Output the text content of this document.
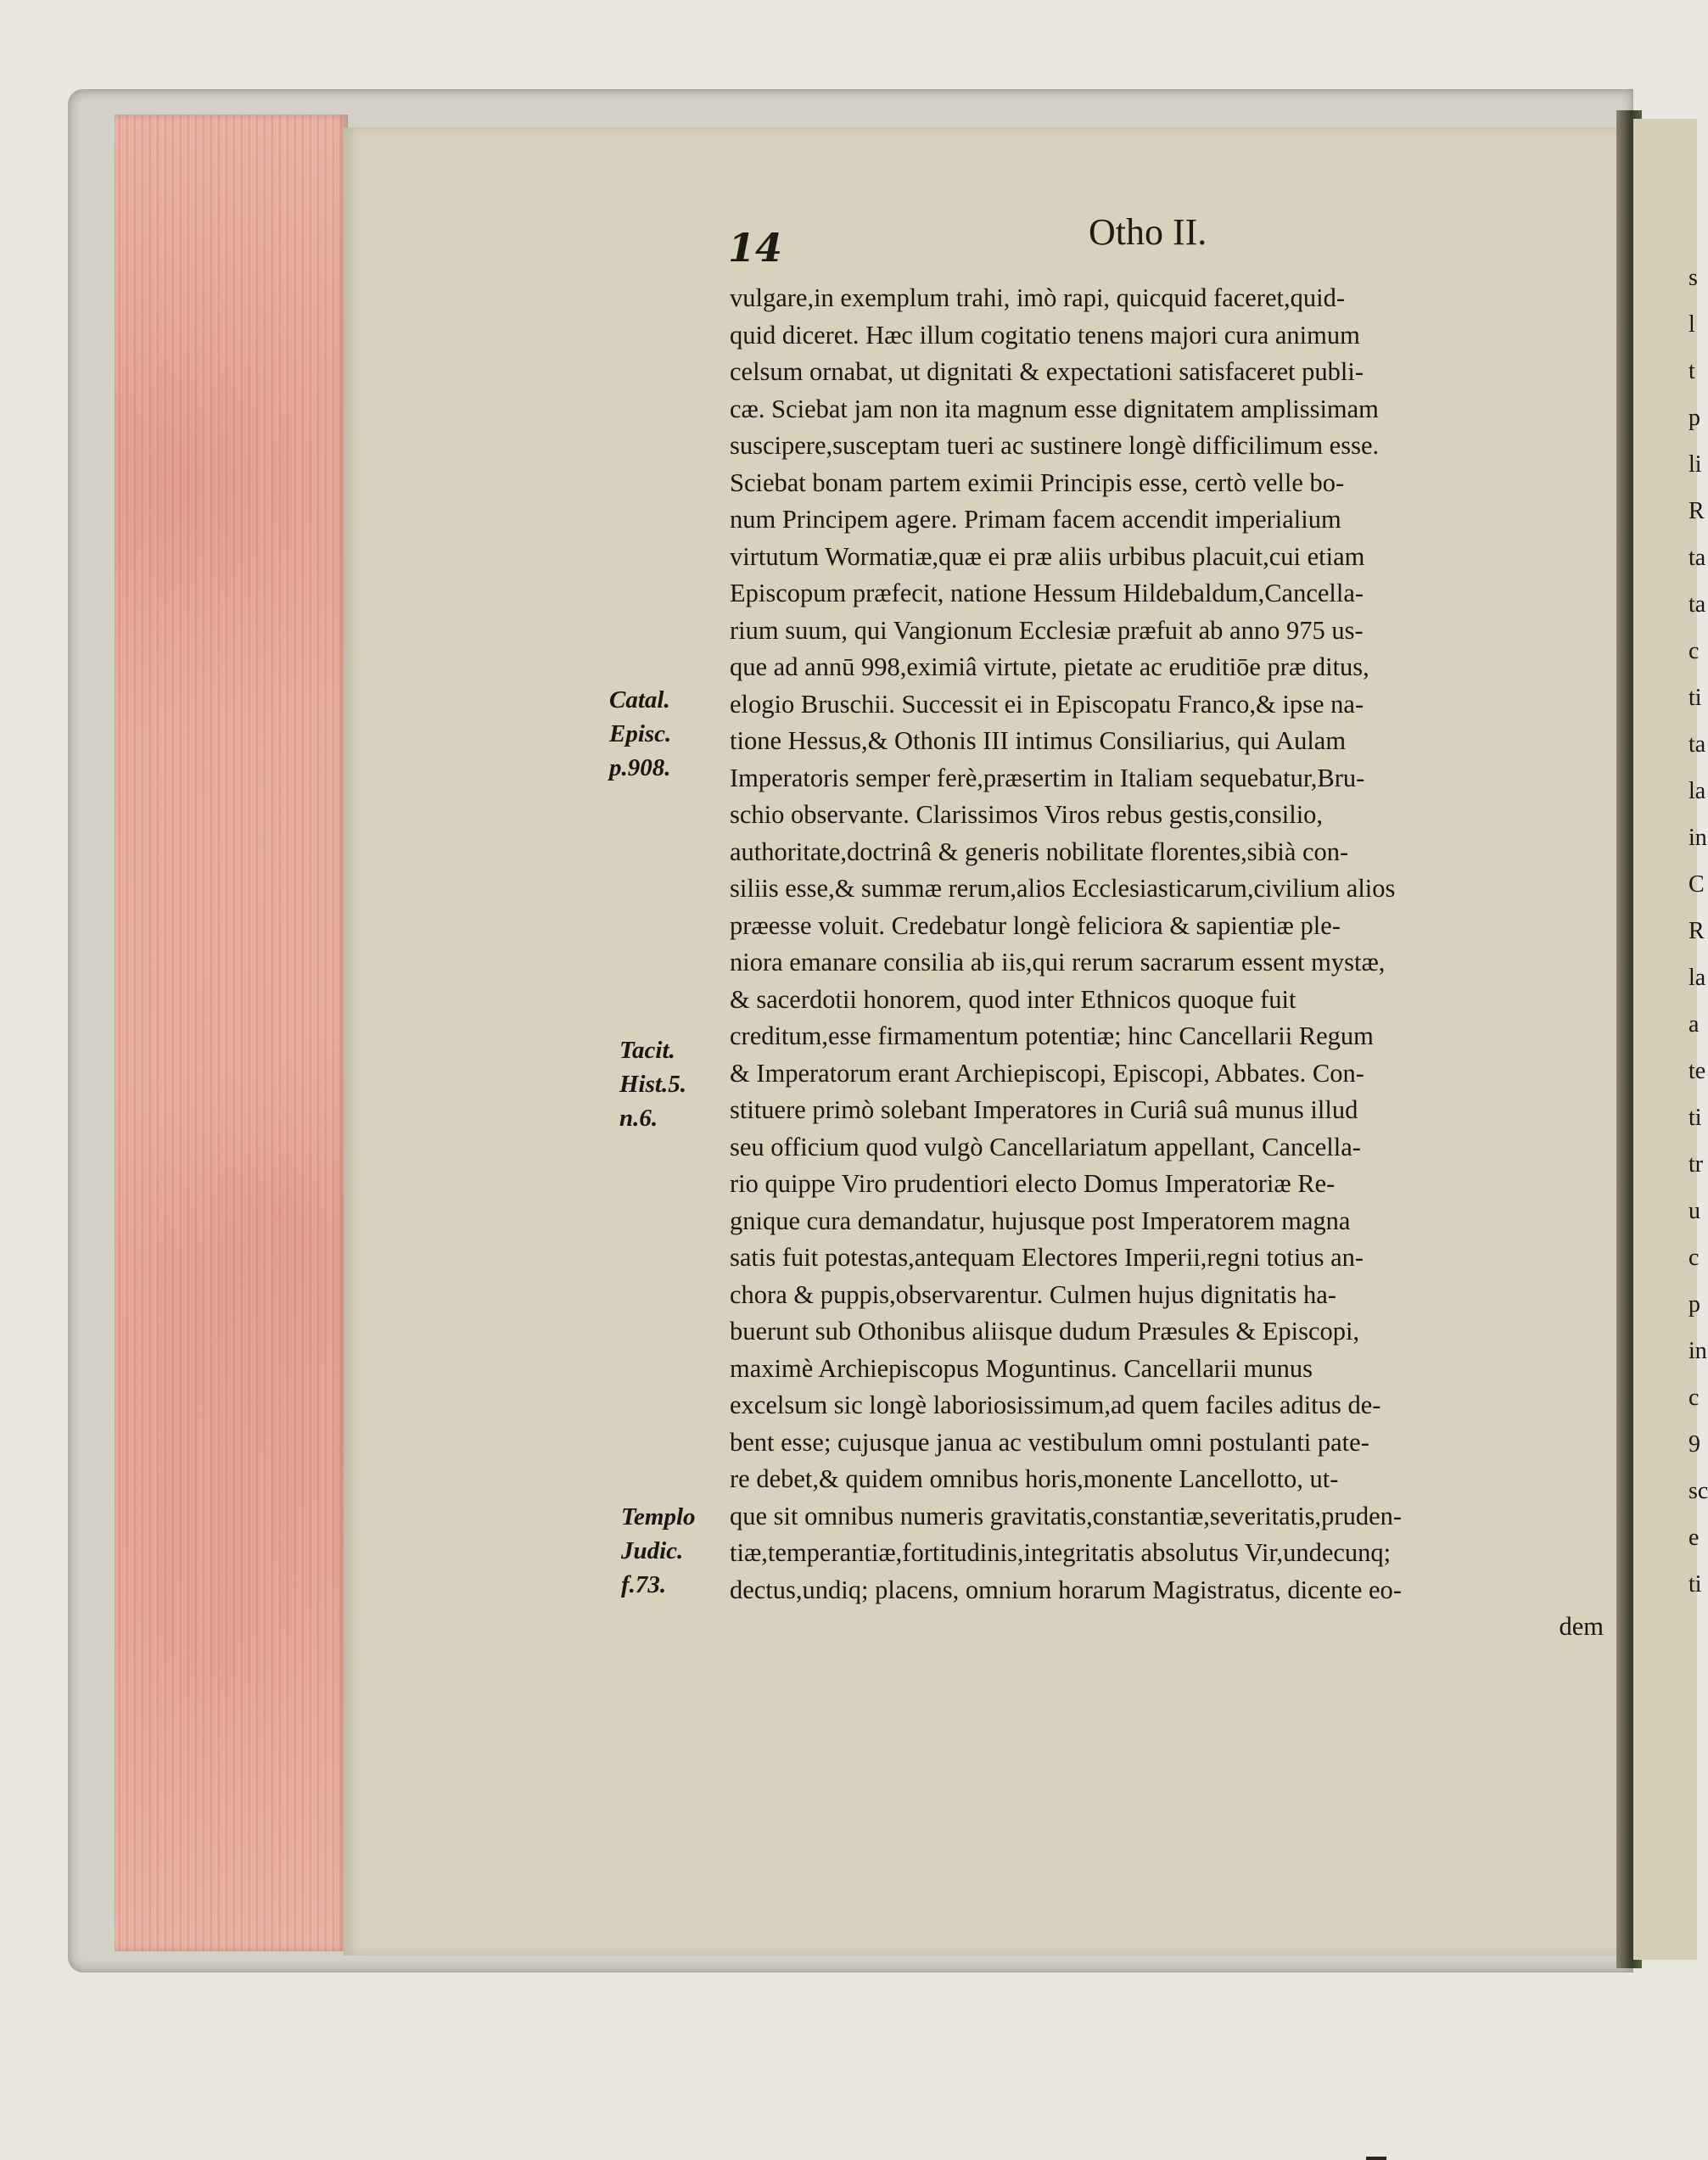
14	Otho II.
Catal.
Episc.
p.908.
Tacit.
Hist.5.
n.6.
Templo
Judic.
f.73.
vulgare,in exemplum trahi, imò rapi, quicquid faceret,quid-
quid diceret. Hæc illum cogitatio tenens majori cura animum
celsum ornabat, ut dignitati & expectationi satisfaceret publi-
cæ. Sciebat jam non ita magnum esse dignitatem amplissimam
suscipere,susceptam tueri ac sustinere longè difficilimum esse.
Sciebat bonam partem eximii Principis esse, certò velle bo-
num Principem agere. Primam facem accendit imperialium
virtutum Wormatiæ,quæ ei præ aliis urbibus placuit,cui etiam
Episcopum præfecit, natione Hessum Hildebaldum,Cancella-
rium suum, qui Vangionum Ecclesiæ præfuit ab anno 975 us-
que ad annū 998,eximiâ virtute, pietate ac eruditiōe præ ditus,
elogio Bruschii. Successit ei in Episcopatu Franco,& ipse na-
tione Hessus,& Othonis III intimus Consiliarius, qui Aulam
Imperatoris semper ferè,præsertim in Italiam sequebatur,Bru-
schio observante. Clarissimos Viros rebus gestis,consilio,
authoritate,doctrinâ & generis nobilitate florentes,sibià con-
siliis esse,& summæ rerum,alios Ecclesiasticarum,civilium alios
præesse voluit. Credebatur longè feliciora & sapientiæ ple-
niora emanare consilia ab iis,qui rerum sacrarum essent mystæ,
& sacerdotii honorem, quod inter Ethnicos quoque fuit
creditum,esse firmamentum potentiæ; hinc Cancellarii Regum
& Imperatorum erant Archiepiscopi, Episcopi, Abbates. Con-
stituere primò solebant Imperatores in Curiâ suâ munus illud
seu officium quod vulgò Cancellariatum appellant, Cancella-
rio quippe Viro prudentiori electo Domus Imperatoriæ Re-
gnique cura demandatur, hujusque post Imperatorem magna
satis fuit potestas,antequam Electores Imperii,regni totius an-
chora & puppis,observarentur. Culmen hujus dignitatis ha-
buerunt sub Othonibus aliisque dudum Præsules & Episcopi,
maximè Archiepiscopus Moguntinus. Cancellarii munus
excelsum sic longè laboriosissimum,ad quem faciles aditus de-
bent esse; cujusque janua ac vestibulum omni postulanti pate-
re debet,& quidem omnibus horis,monente Lancellotto, ut-
que sit omnibus numeris gravitatis,constantiæ,severitatis,pruden-
tiæ,temperantiæ,fortitudinis,integritatis absolutus Vir,undecunq;
dectus,undiq; placens, omnium horarum Magistratus, dicente eo-
dem
s
l
t
p
li
R
ta
ta
c
ti
ta
la
in
C
R
la
a
te
ti
tr
u
c
p
in
c
9
sc
e
ti
